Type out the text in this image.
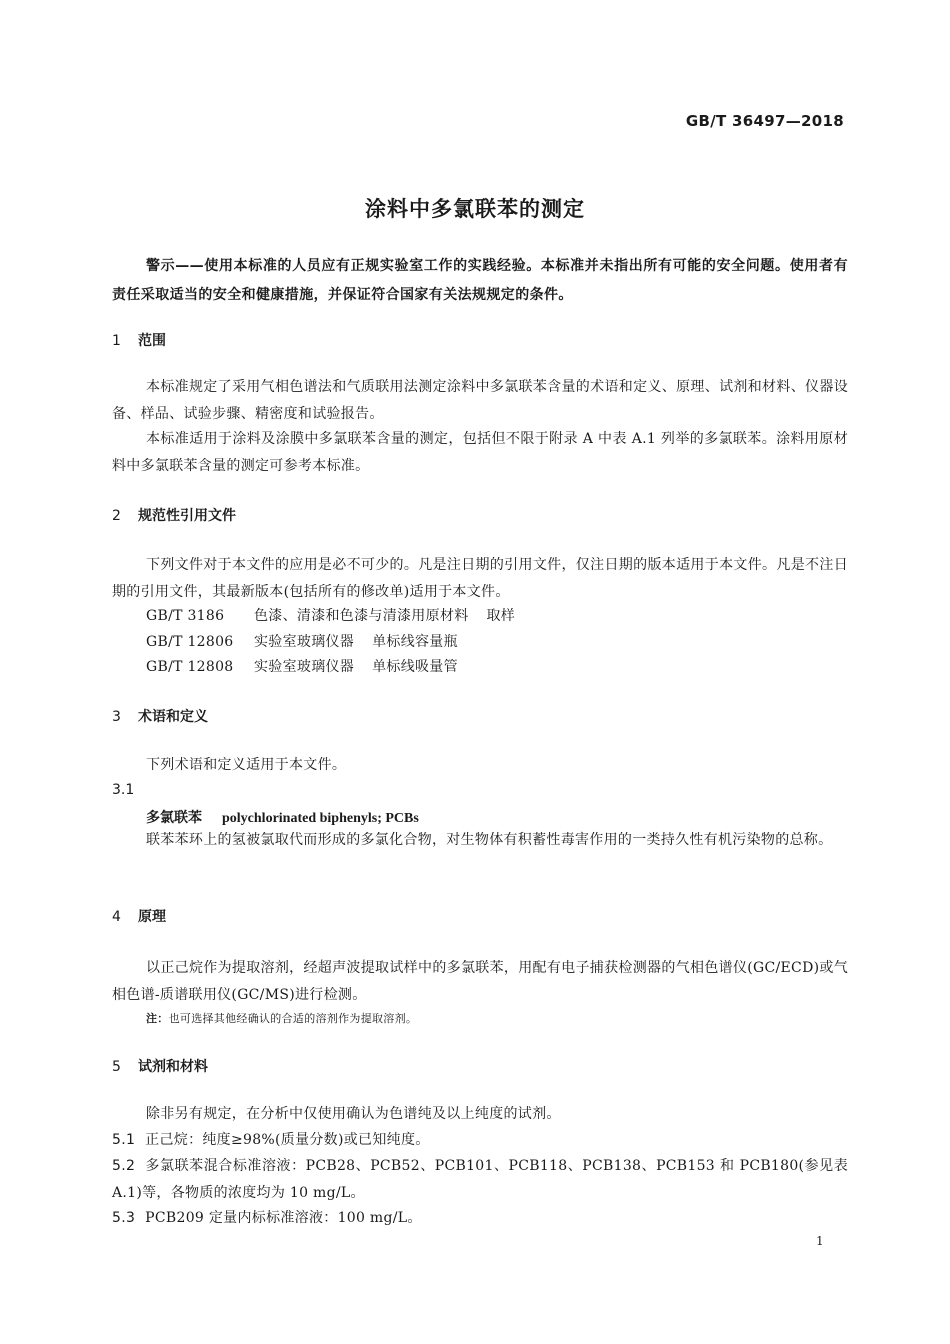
GB/T 36497—2018
涂料中多氯联苯的测定
警示——使用本标准的人员应有正规实验室工作的实践经验。本标准并未指出所有可能的安全问题。使用者有责任采取适当的安全和健康措施，并保证符合国家有关法规规定的条件。
1 范围
本标准规定了采用气相色谱法和气质联用法测定涂料中多氯联苯含量的术语和定义、原理、试剂和材料、仪器设备、样品、试验步骤、精密度和试验报告。
本标准适用于涂料及涂膜中多氯联苯含量的测定，包括但不限于附录 A 中表 A.1 列举的多氯联苯。涂料用原材料中多氯联苯含量的测定可参考本标准。
2 规范性引用文件
下列文件对于本文件的应用是必不可少的。凡是注日期的引用文件，仅注日期的版本适用于本文件。凡是不注日期的引用文件，其最新版本(包括所有的修改单)适用于本文件。
GB/T 3186 色漆、清漆和色漆与清漆用原材料 取样
GB/T 12806 实验室玻璃仪器 单标线容量瓶
GB/T 12808 实验室玻璃仪器 单标线吸量管
3 术语和定义
下列术语和定义适用于本文件。
3.1
多氯联苯 polychlorinated biphenyls; PCBs
联苯苯环上的氢被氯取代而形成的多氯化合物，对生物体有积蓄性毒害作用的一类持久性有机污染物的总称。
4 原理
以正己烷作为提取溶剂，经超声波提取试样中的多氯联苯，用配有电子捕获检测器的气相色谱仪(GC/ECD)或气相色谱-质谱联用仪(GC/MS)进行检测。
注：也可选择其他经确认的合适的溶剂作为提取溶剂。
5 试剂和材料
除非另有规定，在分析中仅使用确认为色谱纯及以上纯度的试剂。
5.1 正己烷：纯度≥98%(质量分数)或已知纯度。
5.2 多氯联苯混合标准溶液：PCB28、PCB52、PCB101、PCB118、PCB138、PCB153 和 PCB180(参见表 A.1)等，各物质的浓度均为 10 mg/L。
5.3 PCB209 定量内标标准溶液：100 mg/L。
1
